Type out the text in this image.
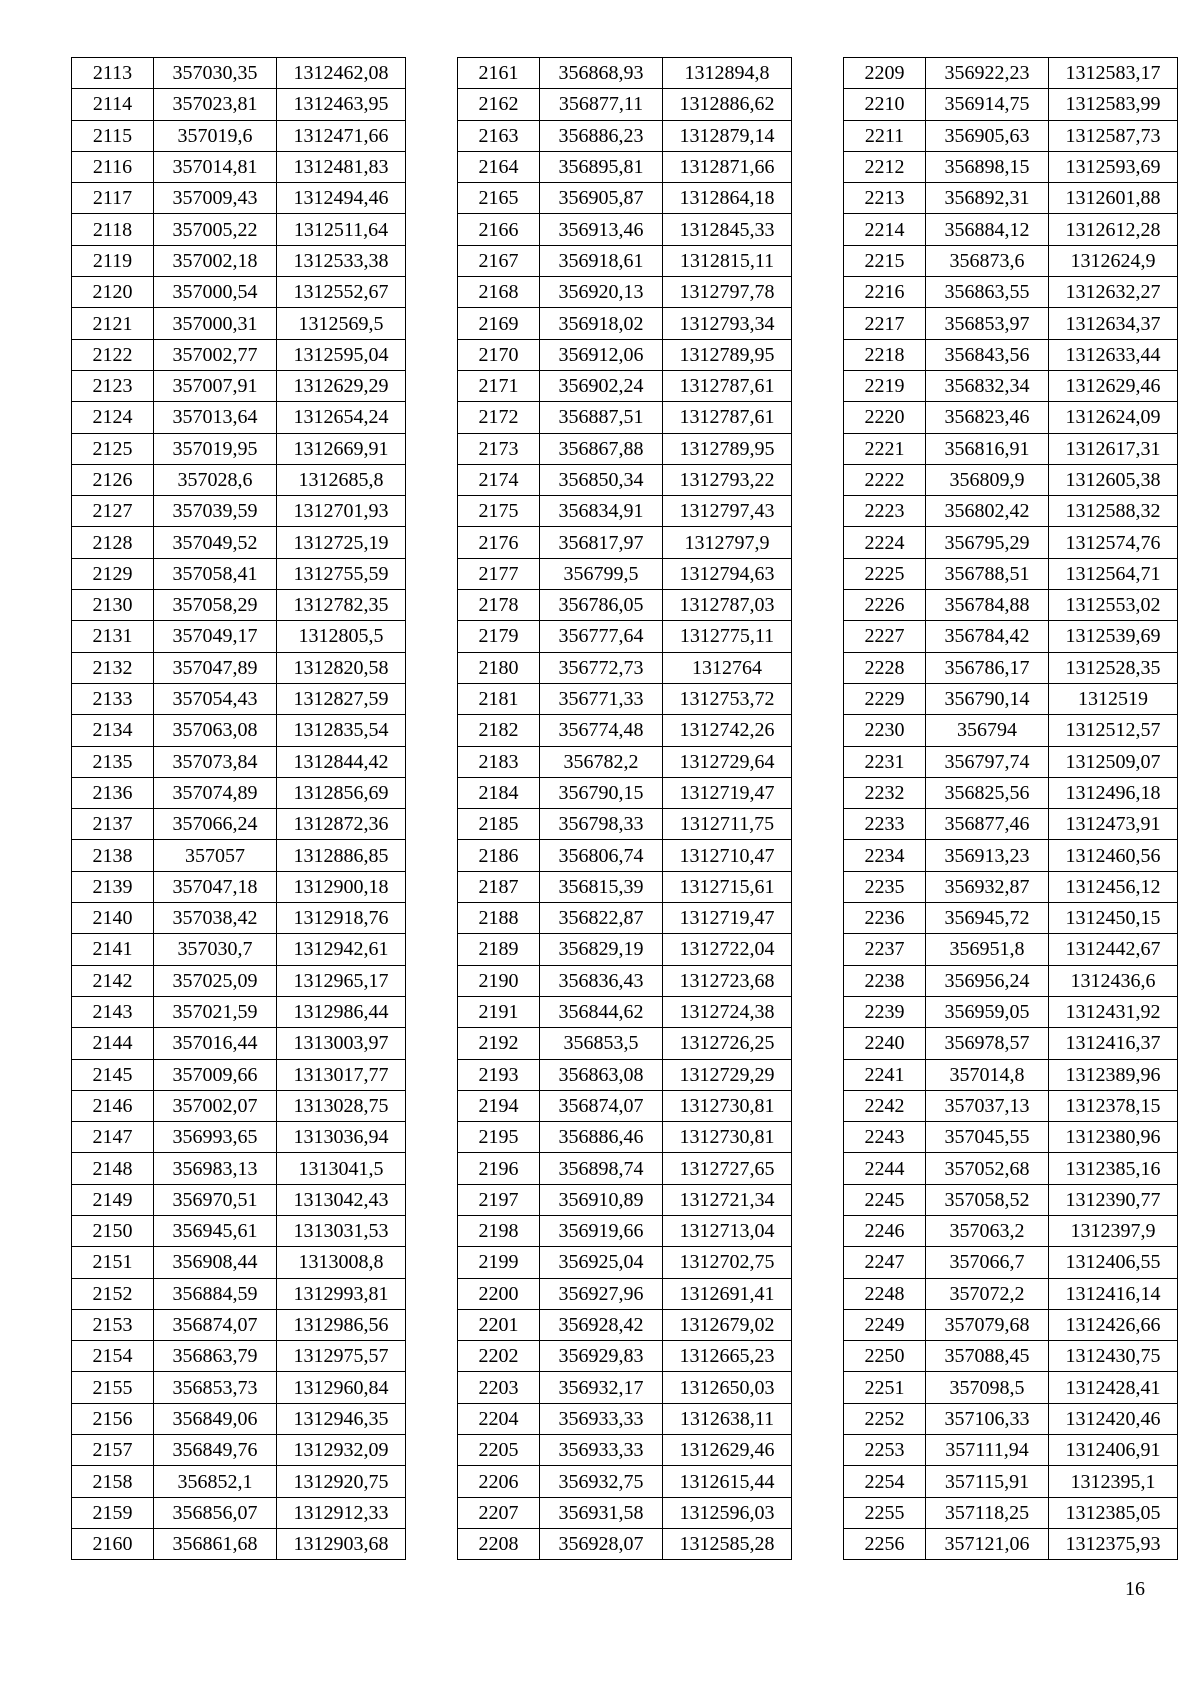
2113	357030,35	1312462,08
2114	357023,81	1312463,95
2115	357019,6	1312471,66
2116	357014,81	1312481,83
2117	357009,43	1312494,46
2118	357005,22	1312511,64
2119	357002,18	1312533,38
2120	357000,54	1312552,67
2121	357000,31	1312569,5
2122	357002,77	1312595,04
2123	357007,91	1312629,29
2124	357013,64	1312654,24
2125	357019,95	1312669,91
2126	357028,6	1312685,8
2127	357039,59	1312701,93
2128	357049,52	1312725,19
2129	357058,41	1312755,59
2130	357058,29	1312782,35
2131	357049,17	1312805,5
2132	357047,89	1312820,58
2133	357054,43	1312827,59
2134	357063,08	1312835,54
2135	357073,84	1312844,42
2136	357074,89	1312856,69
2137	357066,24	1312872,36
2138	357057	1312886,85
2139	357047,18	1312900,18
2140	357038,42	1312918,76
2141	357030,7	1312942,61
2142	357025,09	1312965,17
2143	357021,59	1312986,44
2144	357016,44	1313003,97
2145	357009,66	1313017,77
2146	357002,07	1313028,75
2147	356993,65	1313036,94
2148	356983,13	1313041,5
2149	356970,51	1313042,43
2150	356945,61	1313031,53
2151	356908,44	1313008,8
2152	356884,59	1312993,81
2153	356874,07	1312986,56
2154	356863,79	1312975,57
2155	356853,73	1312960,84
2156	356849,06	1312946,35
2157	356849,76	1312932,09
2158	356852,1	1312920,75
2159	356856,07	1312912,33
2160	356861,68	1312903,68
2161	356868,93	1312894,8
2162	356877,11	1312886,62
2163	356886,23	1312879,14
2164	356895,81	1312871,66
2165	356905,87	1312864,18
2166	356913,46	1312845,33
2167	356918,61	1312815,11
2168	356920,13	1312797,78
2169	356918,02	1312793,34
2170	356912,06	1312789,95
2171	356902,24	1312787,61
2172	356887,51	1312787,61
2173	356867,88	1312789,95
2174	356850,34	1312793,22
2175	356834,91	1312797,43
2176	356817,97	1312797,9
2177	356799,5	1312794,63
2178	356786,05	1312787,03
2179	356777,64	1312775,11
2180	356772,73	1312764
2181	356771,33	1312753,72
2182	356774,48	1312742,26
2183	356782,2	1312729,64
2184	356790,15	1312719,47
2185	356798,33	1312711,75
2186	356806,74	1312710,47
2187	356815,39	1312715,61
2188	356822,87	1312719,47
2189	356829,19	1312722,04
2190	356836,43	1312723,68
2191	356844,62	1312724,38
2192	356853,5	1312726,25
2193	356863,08	1312729,29
2194	356874,07	1312730,81
2195	356886,46	1312730,81
2196	356898,74	1312727,65
2197	356910,89	1312721,34
2198	356919,66	1312713,04
2199	356925,04	1312702,75
2200	356927,96	1312691,41
2201	356928,42	1312679,02
2202	356929,83	1312665,23
2203	356932,17	1312650,03
2204	356933,33	1312638,11
2205	356933,33	1312629,46
2206	356932,75	1312615,44
2207	356931,58	1312596,03
2208	356928,07	1312585,28
2209	356922,23	1312583,17
2210	356914,75	1312583,99
2211	356905,63	1312587,73
2212	356898,15	1312593,69
2213	356892,31	1312601,88
2214	356884,12	1312612,28
2215	356873,6	1312624,9
2216	356863,55	1312632,27
2217	356853,97	1312634,37
2218	356843,56	1312633,44
2219	356832,34	1312629,46
2220	356823,46	1312624,09
2221	356816,91	1312617,31
2222	356809,9	1312605,38
2223	356802,42	1312588,32
2224	356795,29	1312574,76
2225	356788,51	1312564,71
2226	356784,88	1312553,02
2227	356784,42	1312539,69
2228	356786,17	1312528,35
2229	356790,14	1312519
2230	356794	1312512,57
2231	356797,74	1312509,07
2232	356825,56	1312496,18
2233	356877,46	1312473,91
2234	356913,23	1312460,56
2235	356932,87	1312456,12
2236	356945,72	1312450,15
2237	356951,8	1312442,67
2238	356956,24	1312436,6
2239	356959,05	1312431,92
2240	356978,57	1312416,37
2241	357014,8	1312389,96
2242	357037,13	1312378,15
2243	357045,55	1312380,96
2244	357052,68	1312385,16
2245	357058,52	1312390,77
2246	357063,2	1312397,9
2247	357066,7	1312406,55
2248	357072,2	1312416,14
2249	357079,68	1312426,66
2250	357088,45	1312430,75
2251	357098,5	1312428,41
2252	357106,33	1312420,46
2253	357111,94	1312406,91
2254	357115,91	1312395,1
2255	357118,25	1312385,05
2256	357121,06	1312375,93
16
